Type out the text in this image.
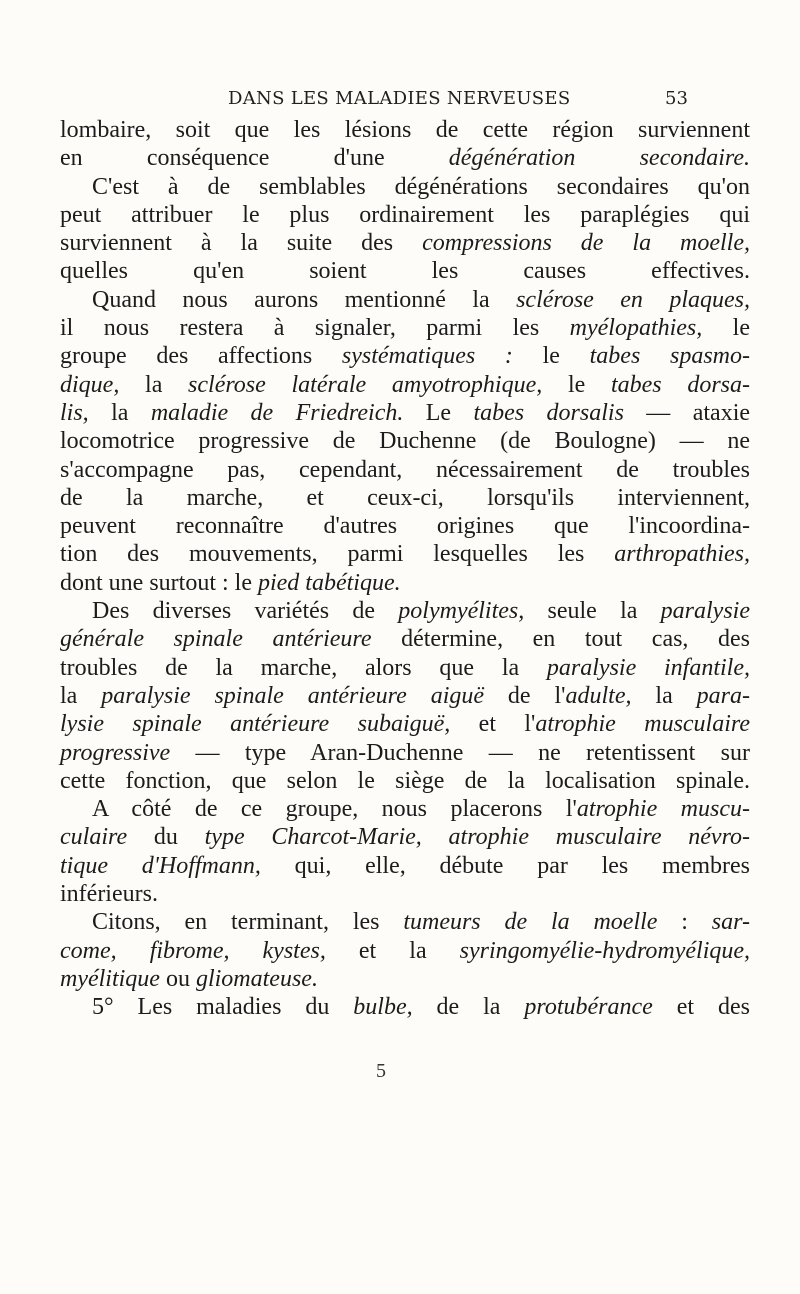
DANS LES MALADIES NERVEUSES	53
lombaire, soit que les lésions de cette région surviennent
en conséquence d'une dégénération secondaire.
C'est à de semblables dégénérations secondaires qu'on
peut attribuer le plus ordinairement les paraplégies qui
surviennent à la suite des compressions de la moelle,
quelles qu'en soient les causes effectives.
Quand nous aurons mentionné la sclérose en plaques,
il nous restera à signaler, parmi les myélopathies, le
groupe des affections systématiques : le tabes spasmo-
dique, la sclérose latérale amyotrophique, le tabes dorsa-
lis, la maladie de Friedreich. Le tabes dorsalis — ataxie
locomotrice progressive de Duchenne (de Boulogne) — ne
s'accompagne pas, cependant, nécessairement de troubles
de la marche, et ceux-ci, lorsqu'ils interviennent,
peuvent reconnaître d'autres origines que l'incoordina-
tion des mouvements, parmi lesquelles les arthropathies,
dont une surtout : le pied tabétique.
Des diverses variétés de polymyélites, seule la paralysie
générale spinale antérieure détermine, en tout cas, des
troubles de la marche, alors que la paralysie infantile,
la paralysie spinale antérieure aiguë de l'adulte, la para-
lysie spinale antérieure subaiguë, et l'atrophie musculaire
progressive — type Aran-Duchenne — ne retentissent sur
cette fonction, que selon le siège de la localisation spinale.
A côté de ce groupe, nous placerons l'atrophie muscu-
culaire du type Charcot-Marie, atrophie musculaire névro-
tique d'Hoffmann, qui, elle, débute par les membres
inférieurs.
Citons, en terminant, les tumeurs de la moelle : sar-
come, fibrome, kystes, et la syringomyélie-hydromyélique,
myélitique ou gliomateuse.
5° Les maladies du bulbe, de la protubérance et des
5
